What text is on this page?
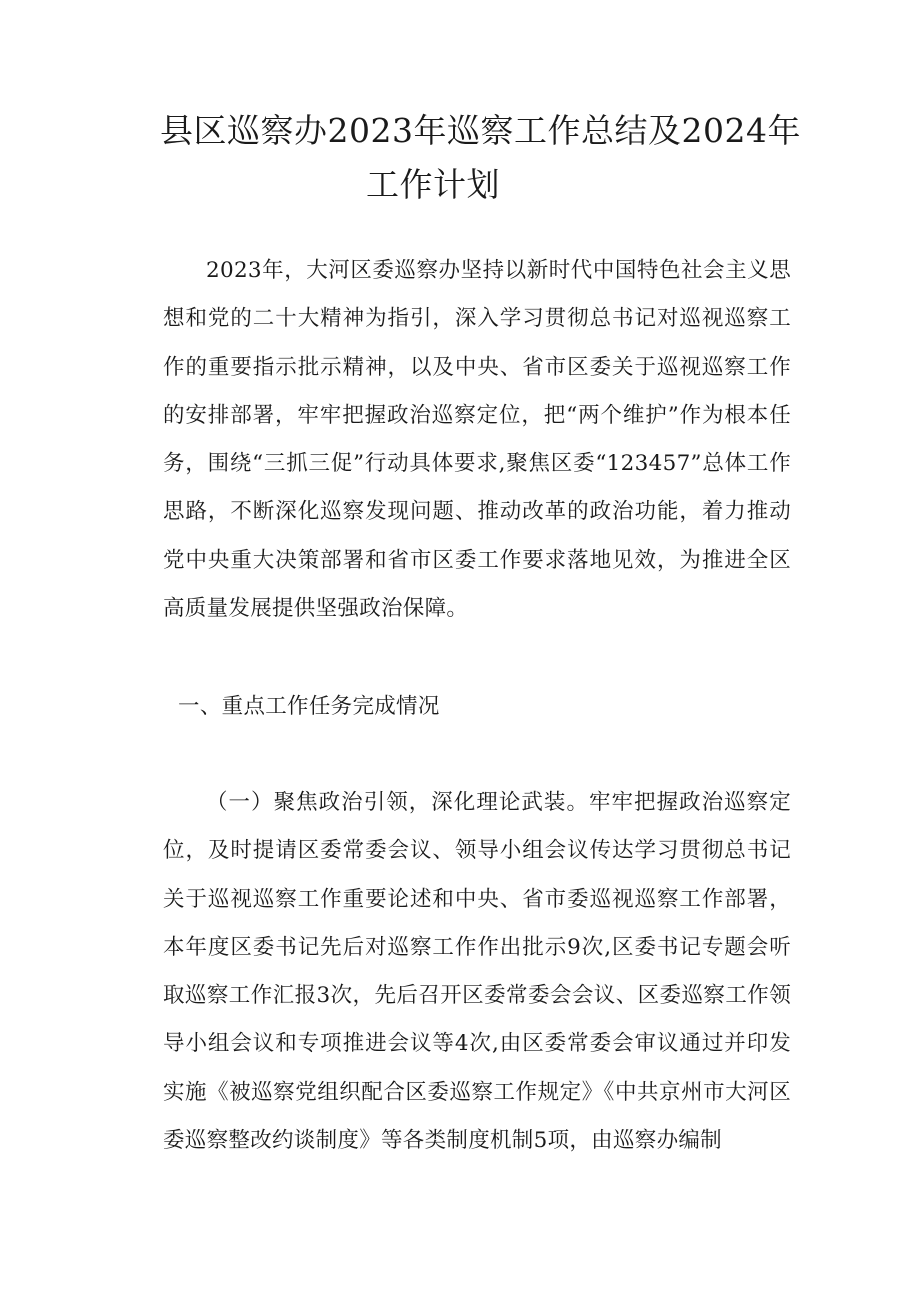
县区巡察办2023年巡察工作总结及2024年
工作计划

2023年，大河区委巡察办坚持以新时代中国特色社会主义思想和党的二十大精神为指引，深入学习贯彻总书记对巡视巡察工作的重要指示批示精神，以及中央、省市区委关于巡视巡察工作的安排部署，牢牢把握政治巡察定位，把“两个维护”作为根本任务，围绕“三抓三促”行动具体要求,聚焦区委“123457”总体工作思路，不断深化巡察发现问题、推动改革的政治功能，着力推动党中央重大决策部署和省市区委工作要求落地见效，为推进全区高质量发展提供坚强政治保障。

一、重点工作任务完成情况

（一）聚焦政治引领，深化理论武装。牢牢把握政治巡察定位，及时提请区委常委会议、领导小组会议传达学习贯彻总书记关于巡视巡察工作重要论述和中央、省市委巡视巡察工作部署，本年度区委书记先后对巡察工作作出批示9次,区委书记专题会听取巡察工作汇报3次，先后召开区委常委会会议、区委巡察工作领导小组会议和专项推进会议等4次,由区委常委会审议通过并印发实施《被巡察党组织配合区委巡察工作规定》《中共京州市大河区委巡察整改约谈制度》等各类制度机制5项，由巡察办编制
